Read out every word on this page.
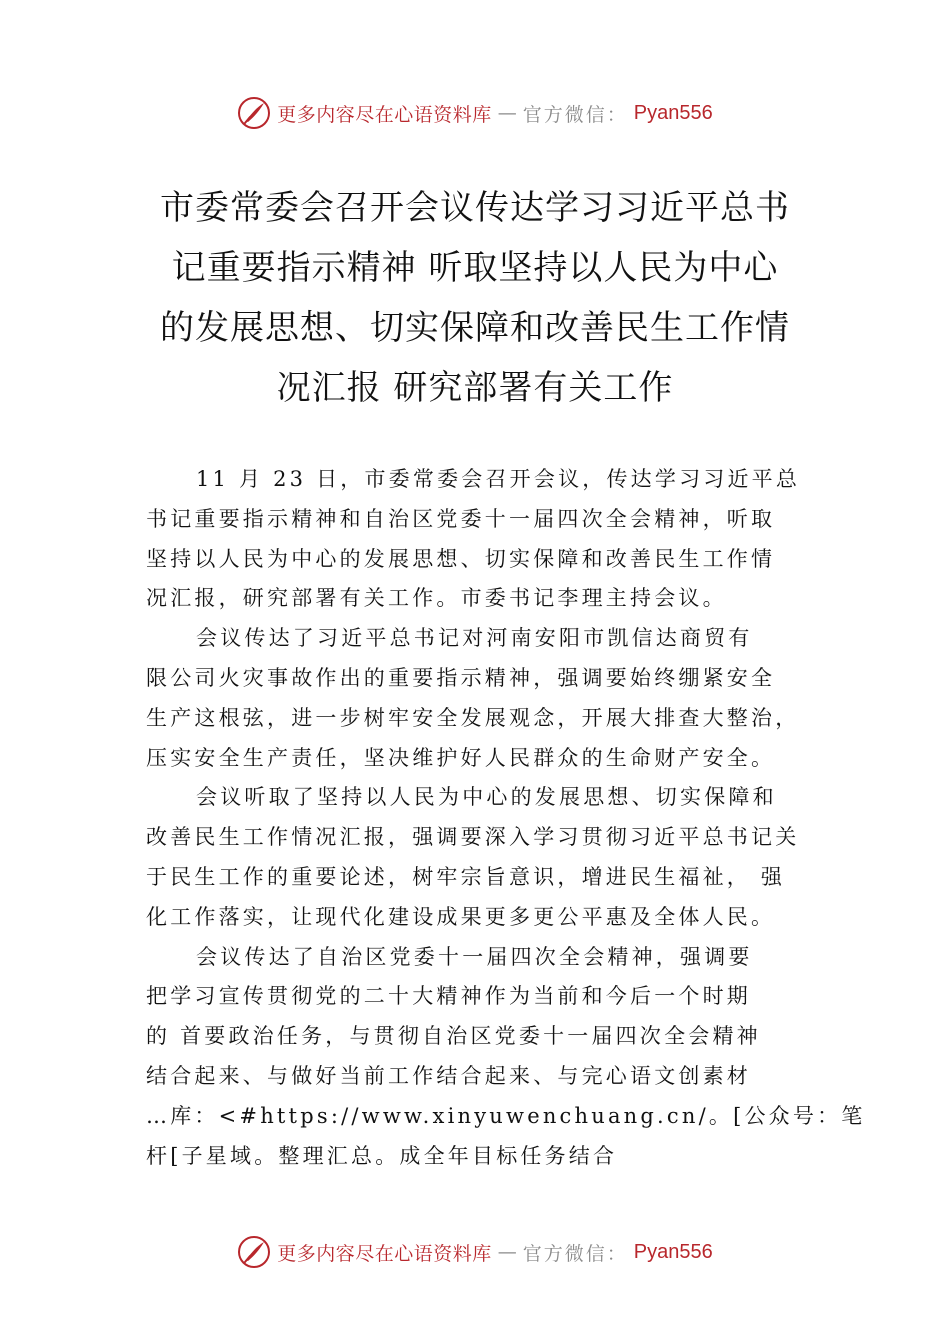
更多内容尽在心语资料库 — 官方微信： Pyan556
市委常委会召开会议传达学习习近平总书
记重要指示精神 听取坚持以人民为中心
的发展思想、切实保障和改善民生工作情
况汇报 研究部署有关工作
11 月 23 日，市委常委会召开会议，传达学习习近平总
书记重要指示精神和自治区党委十一届四次全会精神，听取
坚持以人民为中心的发展思想、切实保障和改善民生工作情
况汇报，研究部署有关工作。市委书记李理主持会议。
会议传达了习近平总书记对河南安阳市凯信达商贸有
限公司火灾事故作出的重要指示精神，强调要始终绷紧安全
生产这根弦，进一步树牢安全发展观念，开展大排查大整治，
压实安全生产责任，坚决维护好人民群众的生命财产安全。
会议听取了坚持以人民为中心的发展思想、切实保障和
改善民生工作情况汇报，强调要深入学习贯彻习近平总书记关
于民生工作的重要论述，树牢宗旨意识，增进民生福祉， 强
化工作落实，让现代化建设成果更多更公平惠及全体人民。
会议传达了自治区党委十一届四次全会精神，强调要
把学习宣传贯彻党的二十大精神作为当前和今后一个时期
的 首要政治任务，与贯彻自治区党委十一届四次全会精神
结合起来、与做好当前工作结合起来、与完心语文创素材
…库：<#https://www.xinyuwenchuang.cn/。[公众号：笔
杆[子星域。整理汇总。成全年目标任务结合
更多内容尽在心语资料库 — 官方微信： Pyan556
